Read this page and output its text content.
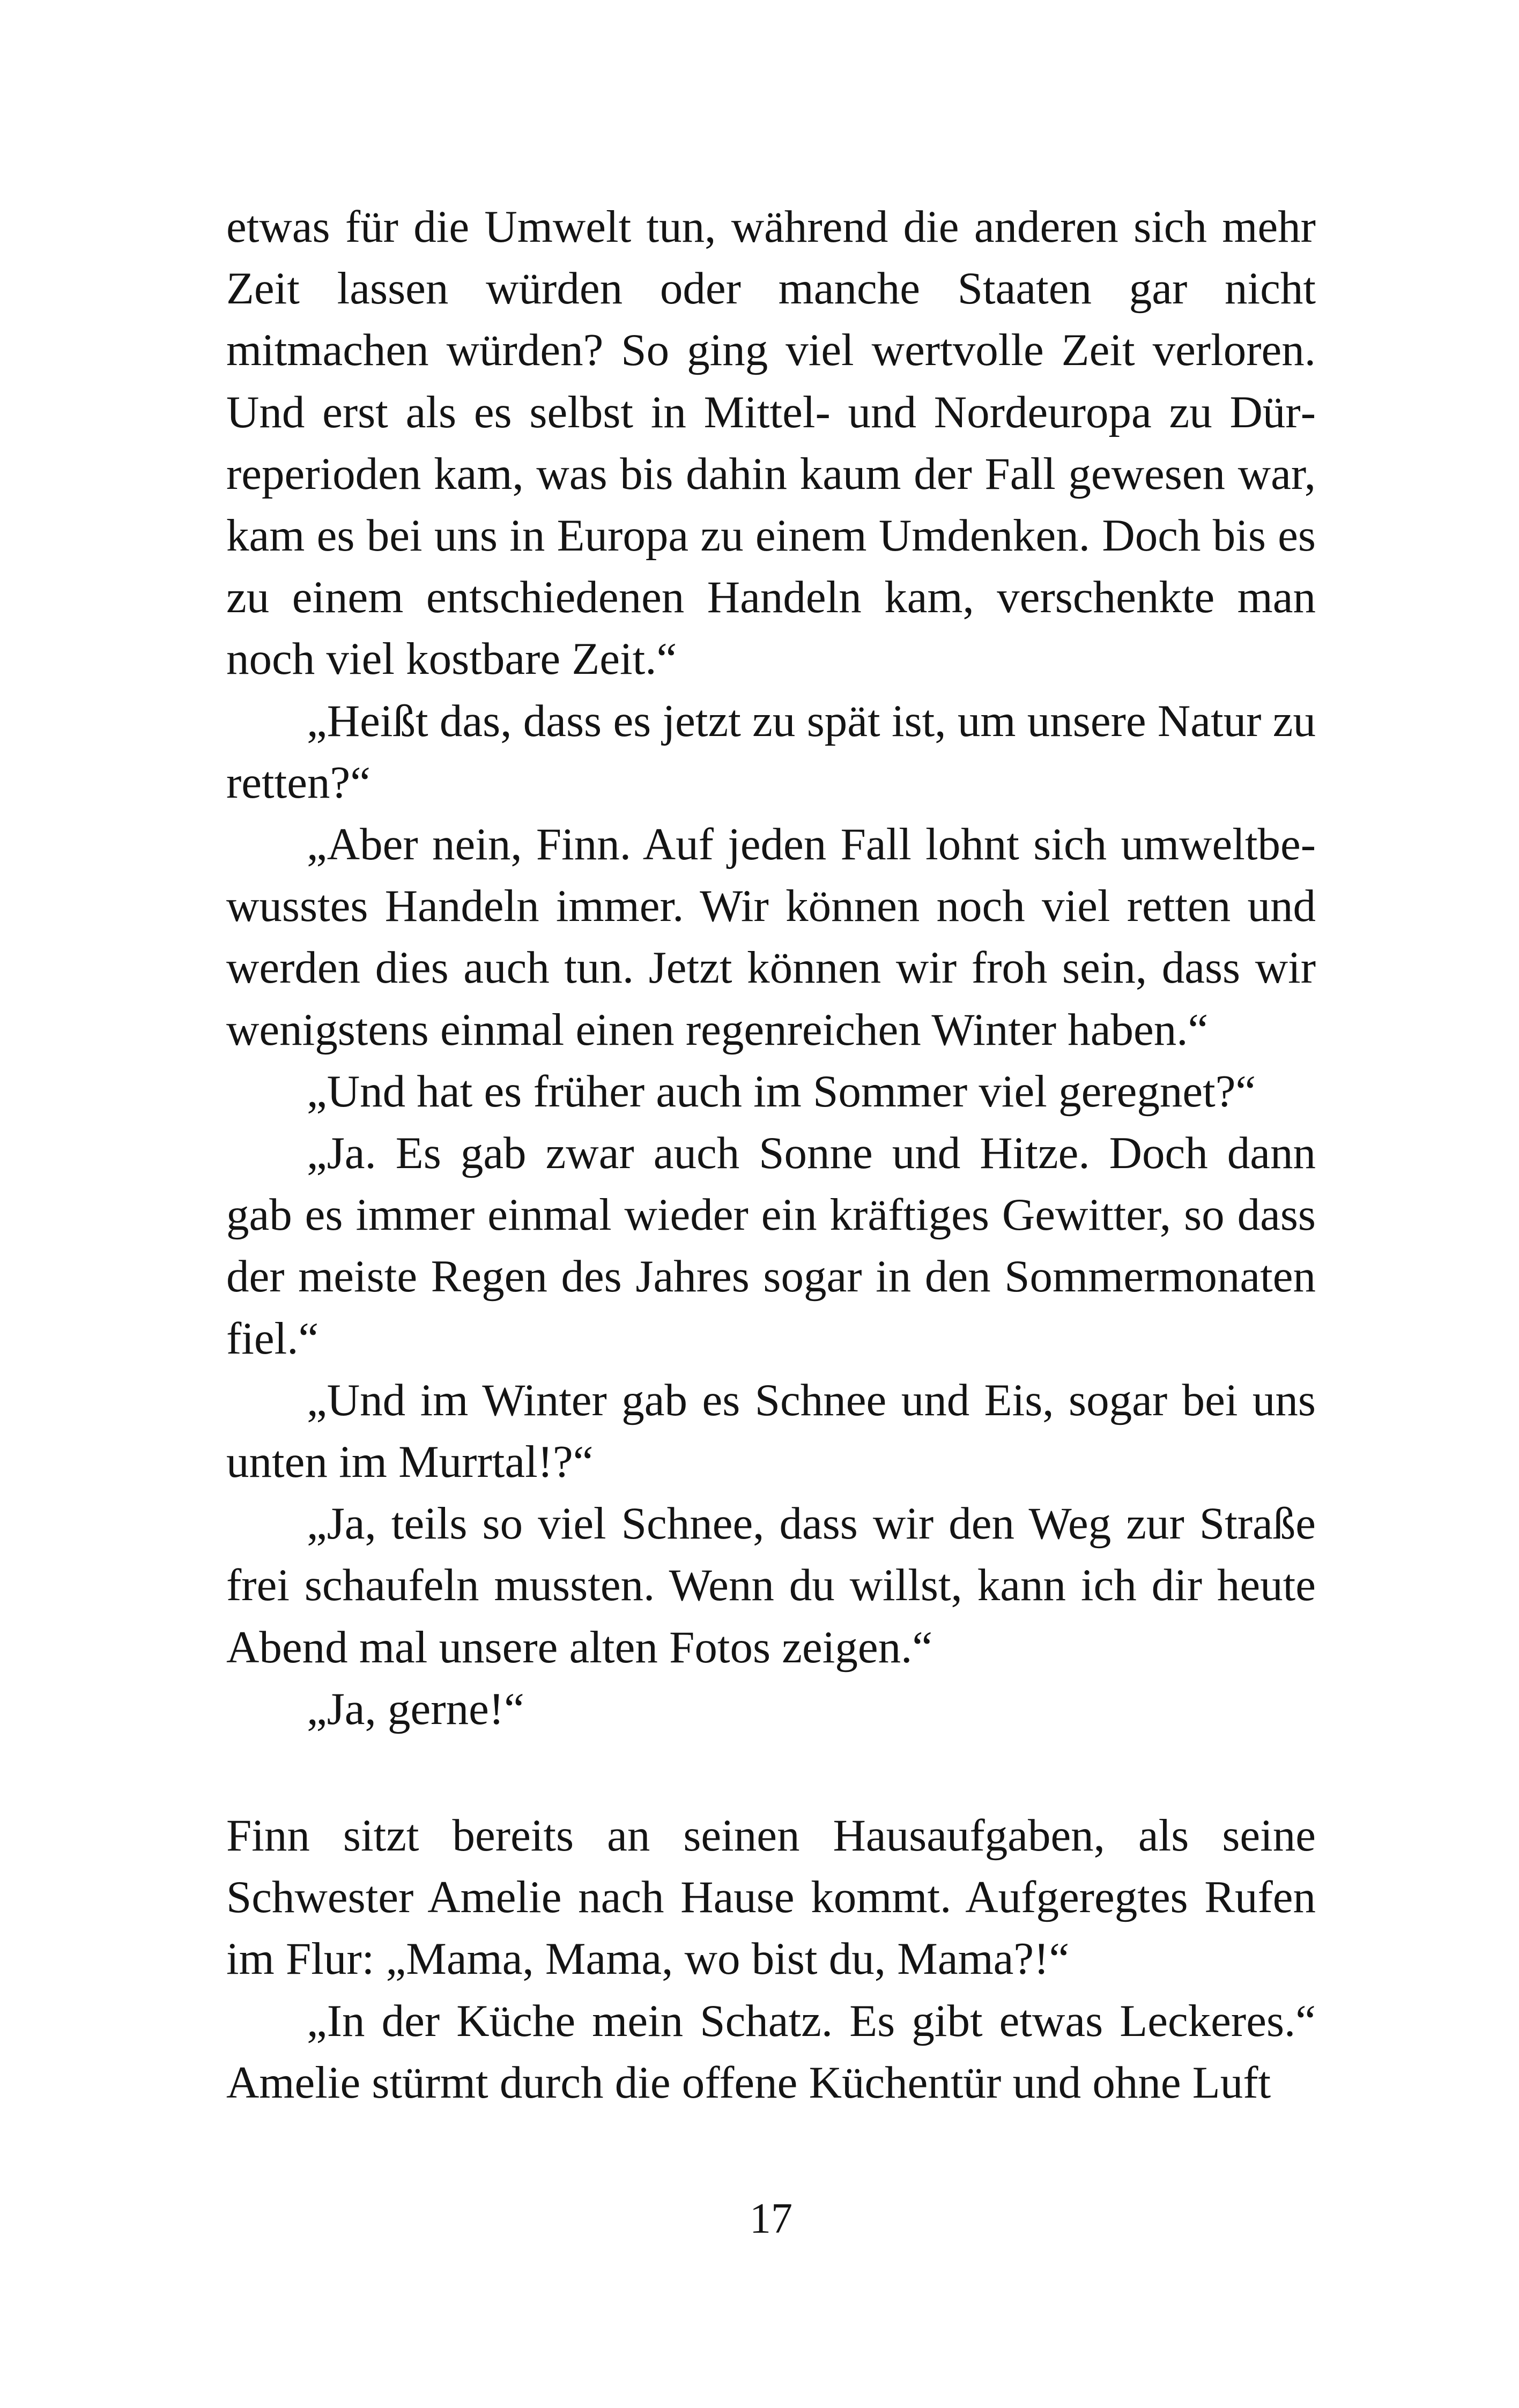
etwas für die Umwelt tun, während die anderen sich mehr Zeit lassen würden oder manche Staaten gar nicht mitmachen würden? So ging viel wertvolle Zeit verloren. Und erst als es selbst in Mittel- und Nordeuropa zu Dürreperioden kam, was bis dahin kaum der Fall gewesen war, kam es bei uns in Europa zu einem Umdenken. Doch bis es zu einem entschiedenen Handeln kam, verschenkte man noch viel kostbare Zeit.“

„Heißt das, dass es jetzt zu spät ist, um unsere Natur zu retten?“

„Aber nein, Finn. Auf jeden Fall lohnt sich umweltbewusstes Handeln immer. Wir können noch viel retten und werden dies auch tun. Jetzt können wir froh sein, dass wir wenigstens einmal einen regenreichen Winter haben.“

„Und hat es früher auch im Sommer viel geregnet?“

„Ja. Es gab zwar auch Sonne und Hitze. Doch dann gab es immer einmal wieder ein kräftiges Gewitter, so dass der meiste Regen des Jahres sogar in den Sommermonaten fiel.“

„Und im Winter gab es Schnee und Eis, sogar bei uns unten im Murrtal!?“

„Ja, teils so viel Schnee, dass wir den Weg zur Straße frei schaufeln mussten. Wenn du willst, kann ich dir heute Abend mal unsere alten Fotos zeigen.“

„Ja, gerne!“

Finn sitzt bereits an seinen Hausaufgaben, als seine Schwester Amelie nach Hause kommt. Aufgeregtes Rufen im Flur: „Mama, Mama, wo bist du, Mama?!“

„In der Küche mein Schatz. Es gibt etwas Leckeres.“ Amelie stürmt durch die offene Küchentür und ohne Luft

17
